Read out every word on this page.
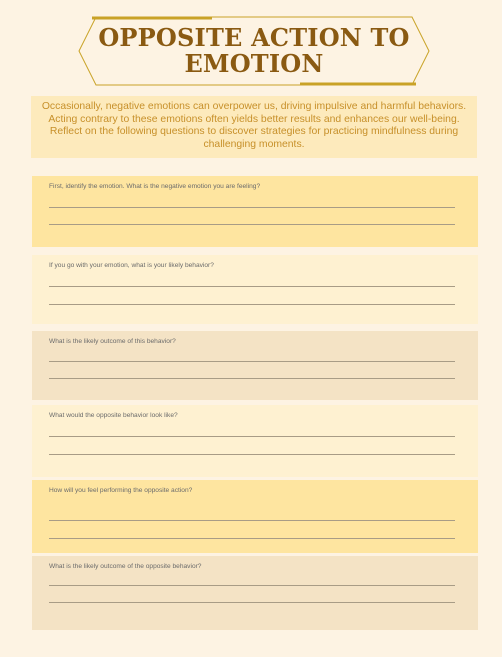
OPPOSITE ACTION TO
EMOTION
Occasionally, negative emotions can overpower us, driving impulsive and harmful behaviors. Acting contrary to these emotions often yields better results and enhances our well-being. Reflect on the following questions to discover strategies for practicing mindfulness during challenging moments.
First, identify the emotion. What is the negative emotion you are feeling?
If you go with your emotion, what is your likely behavior?
What is the likely outcome of this behavior?
What would the opposite behavior look like?
How will you feel performing the opposite action?
What is the likely outcome of the opposite behavior?
